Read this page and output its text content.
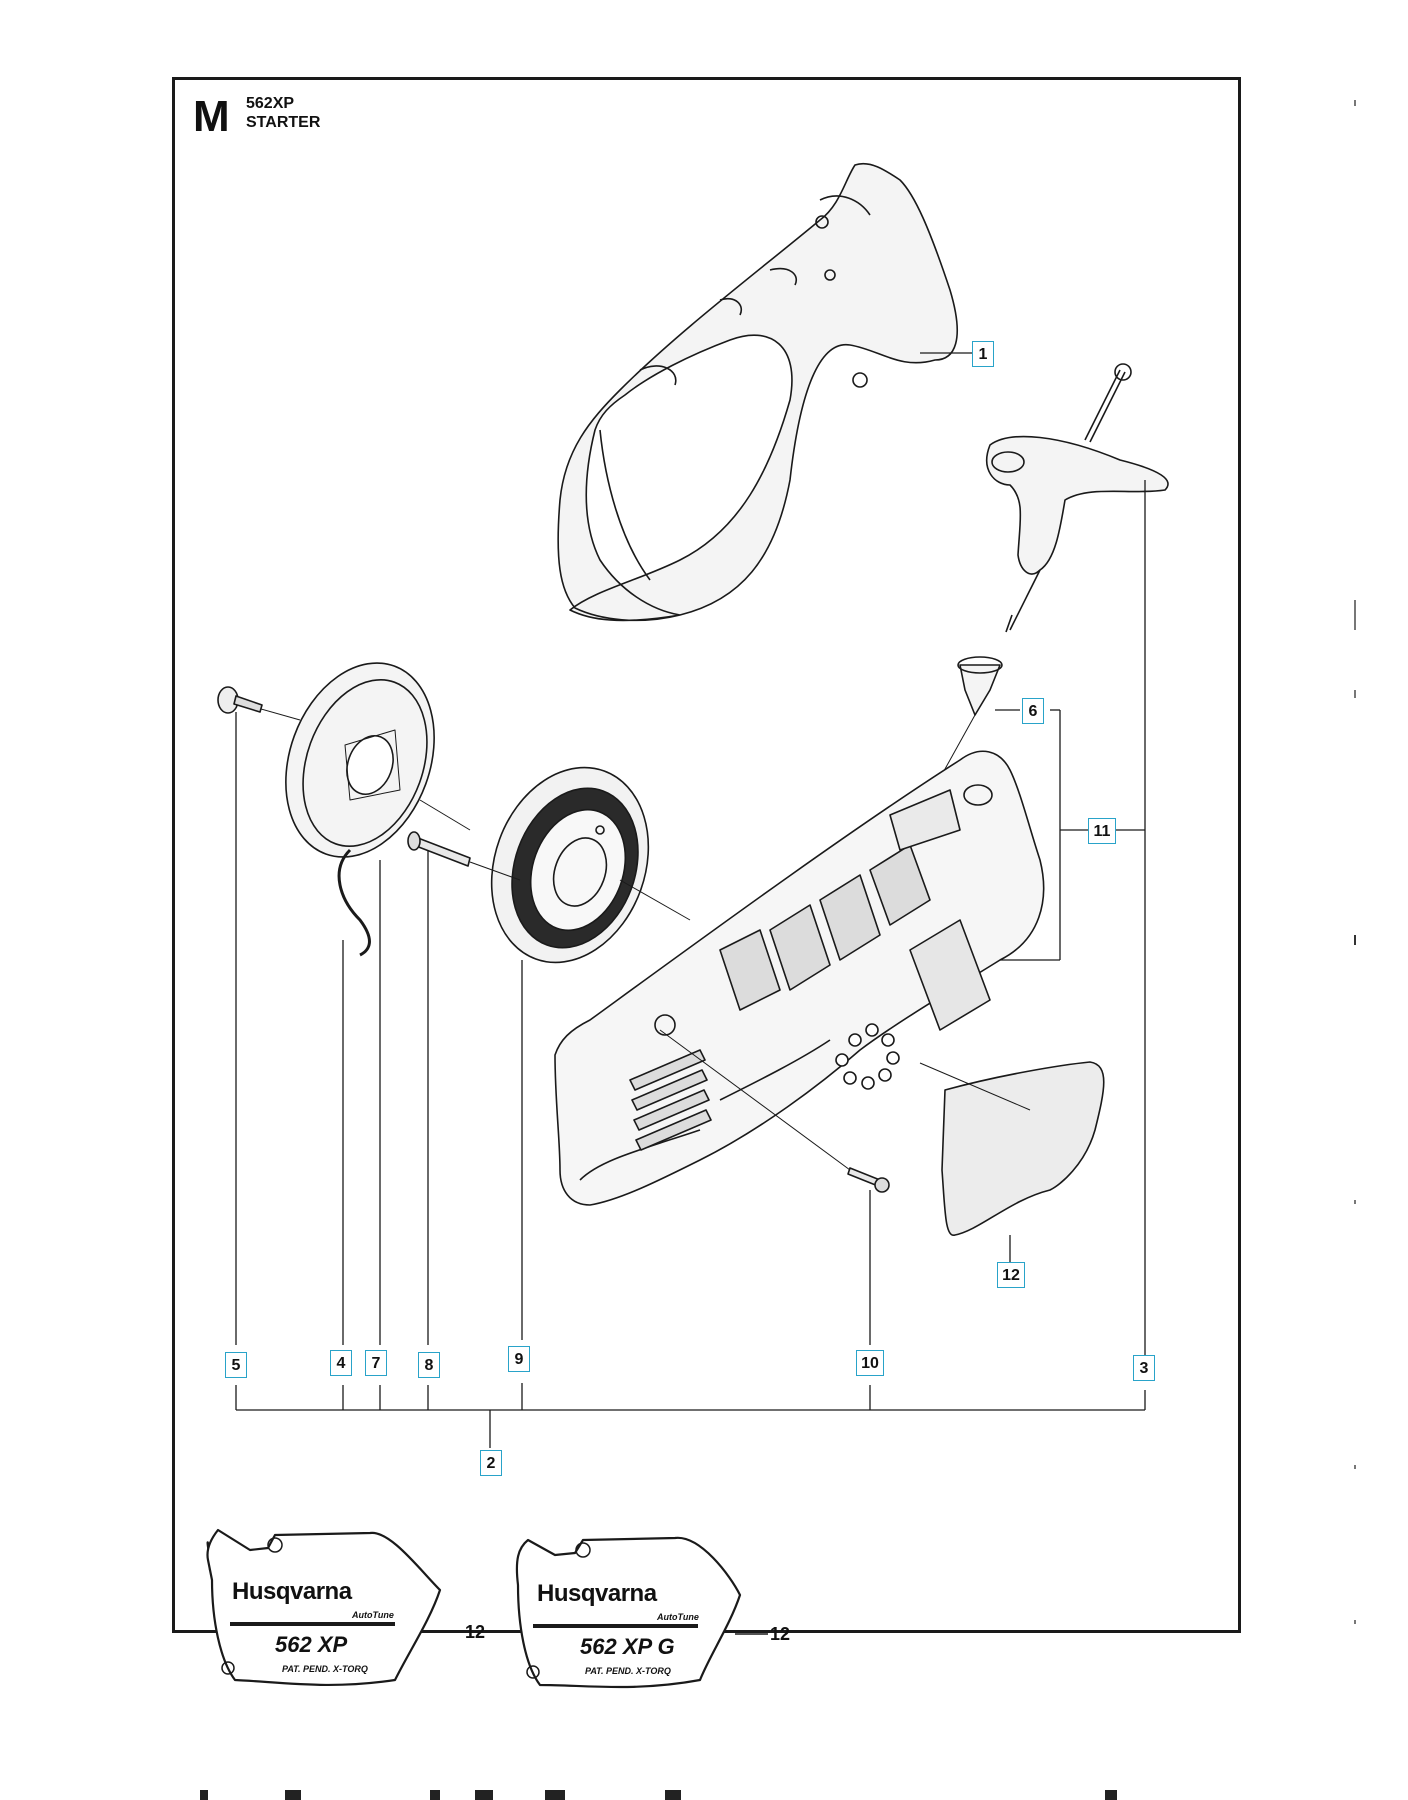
M 562XP
STARTER
1
6
11
12
5	4	7	8	9	10	3
2
Husqvarna
AutoTune
562 XP
PAT. PEND. X-TORQ
12
Husqvarna
AutoTune
562 XP G
PAT. PEND. X-TORQ
12
